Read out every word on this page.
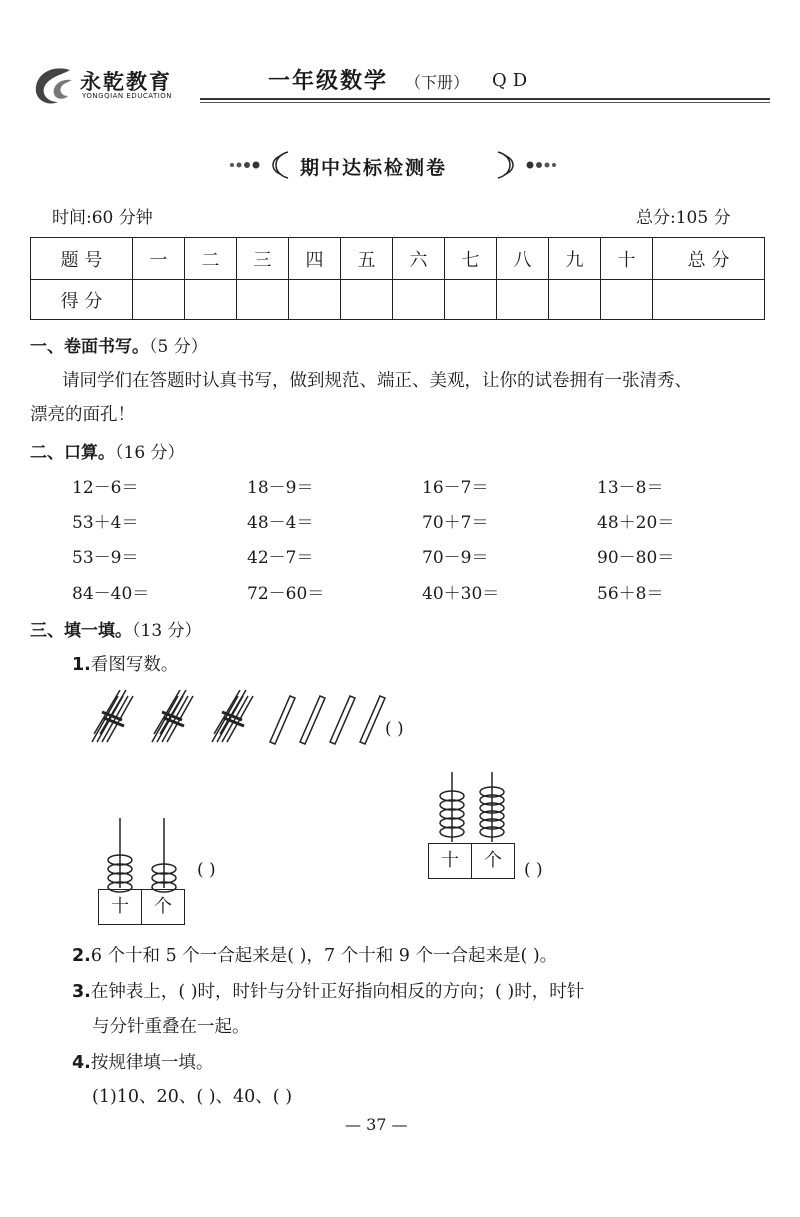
永乾教育
YONGQIAN EDUCATION
一年级数学 （下册） QD
期中达标检测卷
时间:60 分钟	总分:105 分
题 号	一	二	三	四	五	六	七	八	九	十	总 分
得 分											
一、卷面书写。（5 分）
请同学们在答题时认真书写，做到规范、端正、美观，让你的试卷拥有一张清秀、
漂亮的面孔！
二、口算。（16 分）
12－6＝	18－9＝	16－7＝	13－8＝
53＋4＝	48－4＝	70＋7＝	48＋20＝
53－9＝	42－7＝	70－9＝	90－80＝
84－40＝	72－60＝	40＋30＝	56＋8＝
三、填一填。（13 分）
1.看图写数。
( )
十	个
( )	十	个	( )
2.6 个十和 5 个一合起来是( )，7 个十和 9 个一合起来是( )。
3.在钟表上，( )时，时针与分针正好指向相反的方向；( )时，时针
与分针重叠在一起。
4.按规律填一填。
(1)10、20、( )、40、( )
— 37 —
